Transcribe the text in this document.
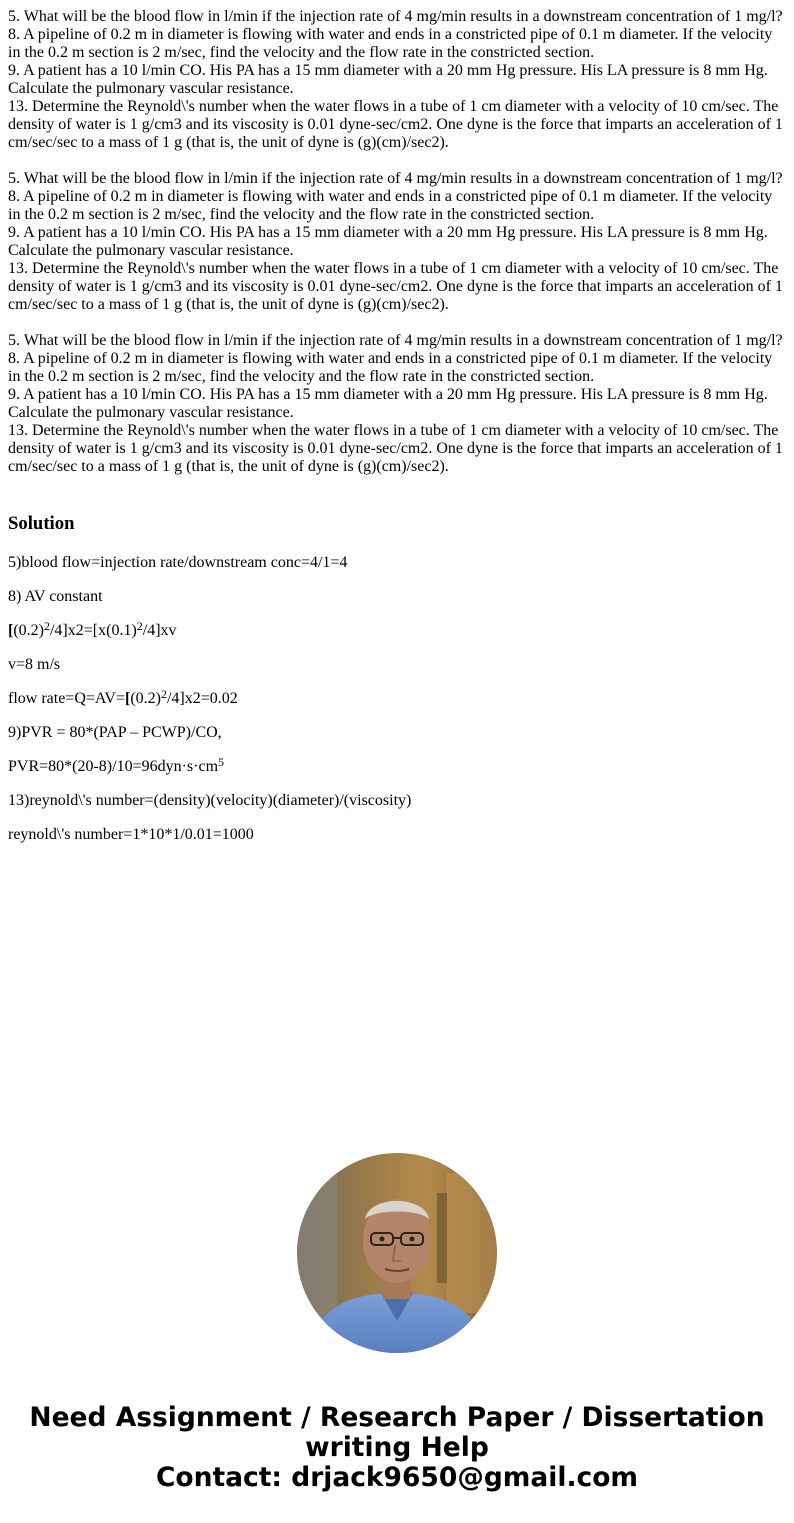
5. What will be the blood flow in l/min if the injection rate of 4 mg/min results in a downstream concentration of 1 mg/l?
8. A pipeline of 0.2 m in diameter is flowing with water and ends in a constricted pipe of 0.1 m diameter. If the velocity in the 0.2 m section is 2 m/sec, find the velocity and the flow rate in the constricted section.
9. A patient has a 10 l/min CO. His PA has a 15 mm diameter with a 20 mm Hg pressure. His LA pressure is 8 mm Hg. Calculate the pulmonary vascular resistance.
13. Determine the Reynold\'s number when the water flows in a tube of 1 cm diameter with a velocity of 10 cm/sec. The density of water is 1 g/cm3 and its viscosity is 0.01 dyne-sec/cm2. One dyne is the force that imparts an acceleration of 1 cm/sec/sec to a mass of 1 g (that is, the unit of dyne is (g)(cm)/sec2).
5. What will be the blood flow in l/min if the injection rate of 4 mg/min results in a downstream concentration of 1 mg/l?
8. A pipeline of 0.2 m in diameter is flowing with water and ends in a constricted pipe of 0.1 m diameter. If the velocity in the 0.2 m section is 2 m/sec, find the velocity and the flow rate in the constricted section.
9. A patient has a 10 l/min CO. His PA has a 15 mm diameter with a 20 mm Hg pressure. His LA pressure is 8 mm Hg. Calculate the pulmonary vascular resistance.
13. Determine the Reynold\'s number when the water flows in a tube of 1 cm diameter with a velocity of 10 cm/sec. The density of water is 1 g/cm3 and its viscosity is 0.01 dyne-sec/cm2. One dyne is the force that imparts an acceleration of 1 cm/sec/sec to a mass of 1 g (that is, the unit of dyne is (g)(cm)/sec2).
5. What will be the blood flow in l/min if the injection rate of 4 mg/min results in a downstream concentration of 1 mg/l?
8. A pipeline of 0.2 m in diameter is flowing with water and ends in a constricted pipe of 0.1 m diameter. If the velocity in the 0.2 m section is 2 m/sec, find the velocity and the flow rate in the constricted section.
9. A patient has a 10 l/min CO. His PA has a 15 mm diameter with a 20 mm Hg pressure. His LA pressure is 8 mm Hg. Calculate the pulmonary vascular resistance.
13. Determine the Reynold\'s number when the water flows in a tube of 1 cm diameter with a velocity of 10 cm/sec. The density of water is 1 g/cm3 and its viscosity is 0.01 dyne-sec/cm2. One dyne is the force that imparts an acceleration of 1 cm/sec/sec to a mass of 1 g (that is, the unit of dyne is (g)(cm)/sec2).
Solution

5)blood flow=injection rate/downstream conc=4/1=4

8) AV constant

$[(0.2)^2/4]x2=[x(0.1)^2/4]xv$

v=8 m/s

flow $rate=Q=AV=[(0.2)^2/4]x2=0.02$

9)PVR = 80*(PAP – PCWP)/CO,

$PVR=80*(20-8)/10=96dyn\cdot s\cdot cm^5$

13)reynold\'s number=(density)(velocity)(diameter)/(viscosity)

reynold\'s number=1*10*1/0.01=1000

Need Assignment / Research Paper / Dissertation
writing Help
Contact: drjack9650@gmail.com
